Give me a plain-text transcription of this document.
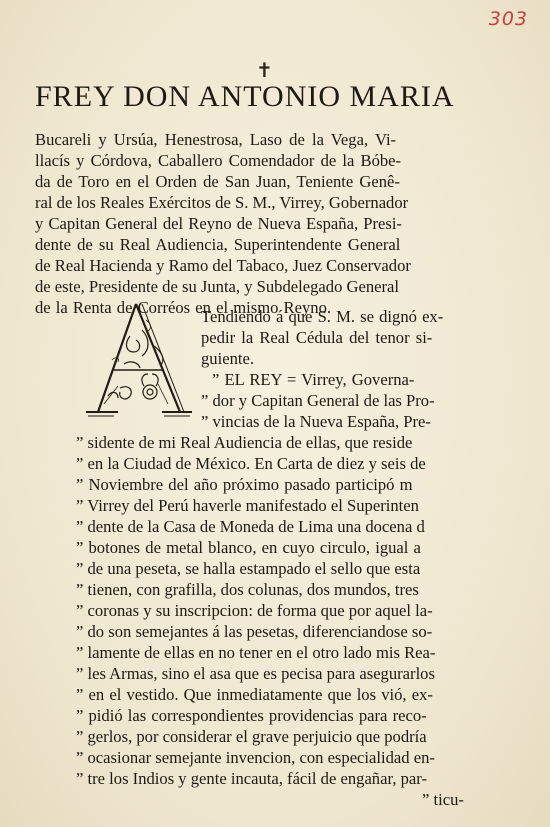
303
✝
FREY DON ANTONIO MARIA
Bucareli y Ursúa, Henestrosa, Laso de la Vega, Vi-
llacís y Córdova, Caballero Comendador de la Bóbe-
da de Toro en el Orden de San Juan, Teniente Genê-
ral de los Reales Exércitos de S. M., Virrey, Gobernador
y Capitan General del Reyno de Nueva España, Presi-
dente de su Real Audiencia, Superintendente General
de Real Hacienda y Ramo del Tabaco, Juez Conservador
de este, Presidente de su Junta, y Subdelegado General
de la Renta de Corréos en el mismo Reyno.
Tendiendo á que S. M. se dignó ex-
pedir la Real Cédula del tenor si-
guiente.
” EL REY = Virrey, Governa-
” dor y Capitan General de las Pro-
” vincias de la Nueva España, Pre-
” sidente de mi Real Audiencia de ellas, que reside
” en la Ciudad de México. En Carta de diez y seis de
” Noviembre del año próximo pasado participó m
” Virrey del Perú haverle manifestado el Superinten
” dente de la Casa de Moneda de Lima una docena d
” botones de metal blanco, en cuyo circulo, igual a
” de una peseta, se halla estampado el sello que esta
” tienen, con grafilla, dos colunas, dos mundos, tres
” coronas y su inscripcion: de forma que por aquel la-
” do son semejantes á las pesetas, diferenciandose so-
” lamente de ellas en no tener en el otro lado mis Rea-
” les Armas, sino el asa que es pecisa para asegurarlos
” en el vestido. Que inmediatamente que los vió, ex-
” pidió las correspondientes providencias para reco-
” gerlos, por considerar el grave perjuicio que podría
” ocasionar semejante invencion, con especialidad en-
” tre los Indios y gente incauta, fácil de engañar, par-
” ticu-
